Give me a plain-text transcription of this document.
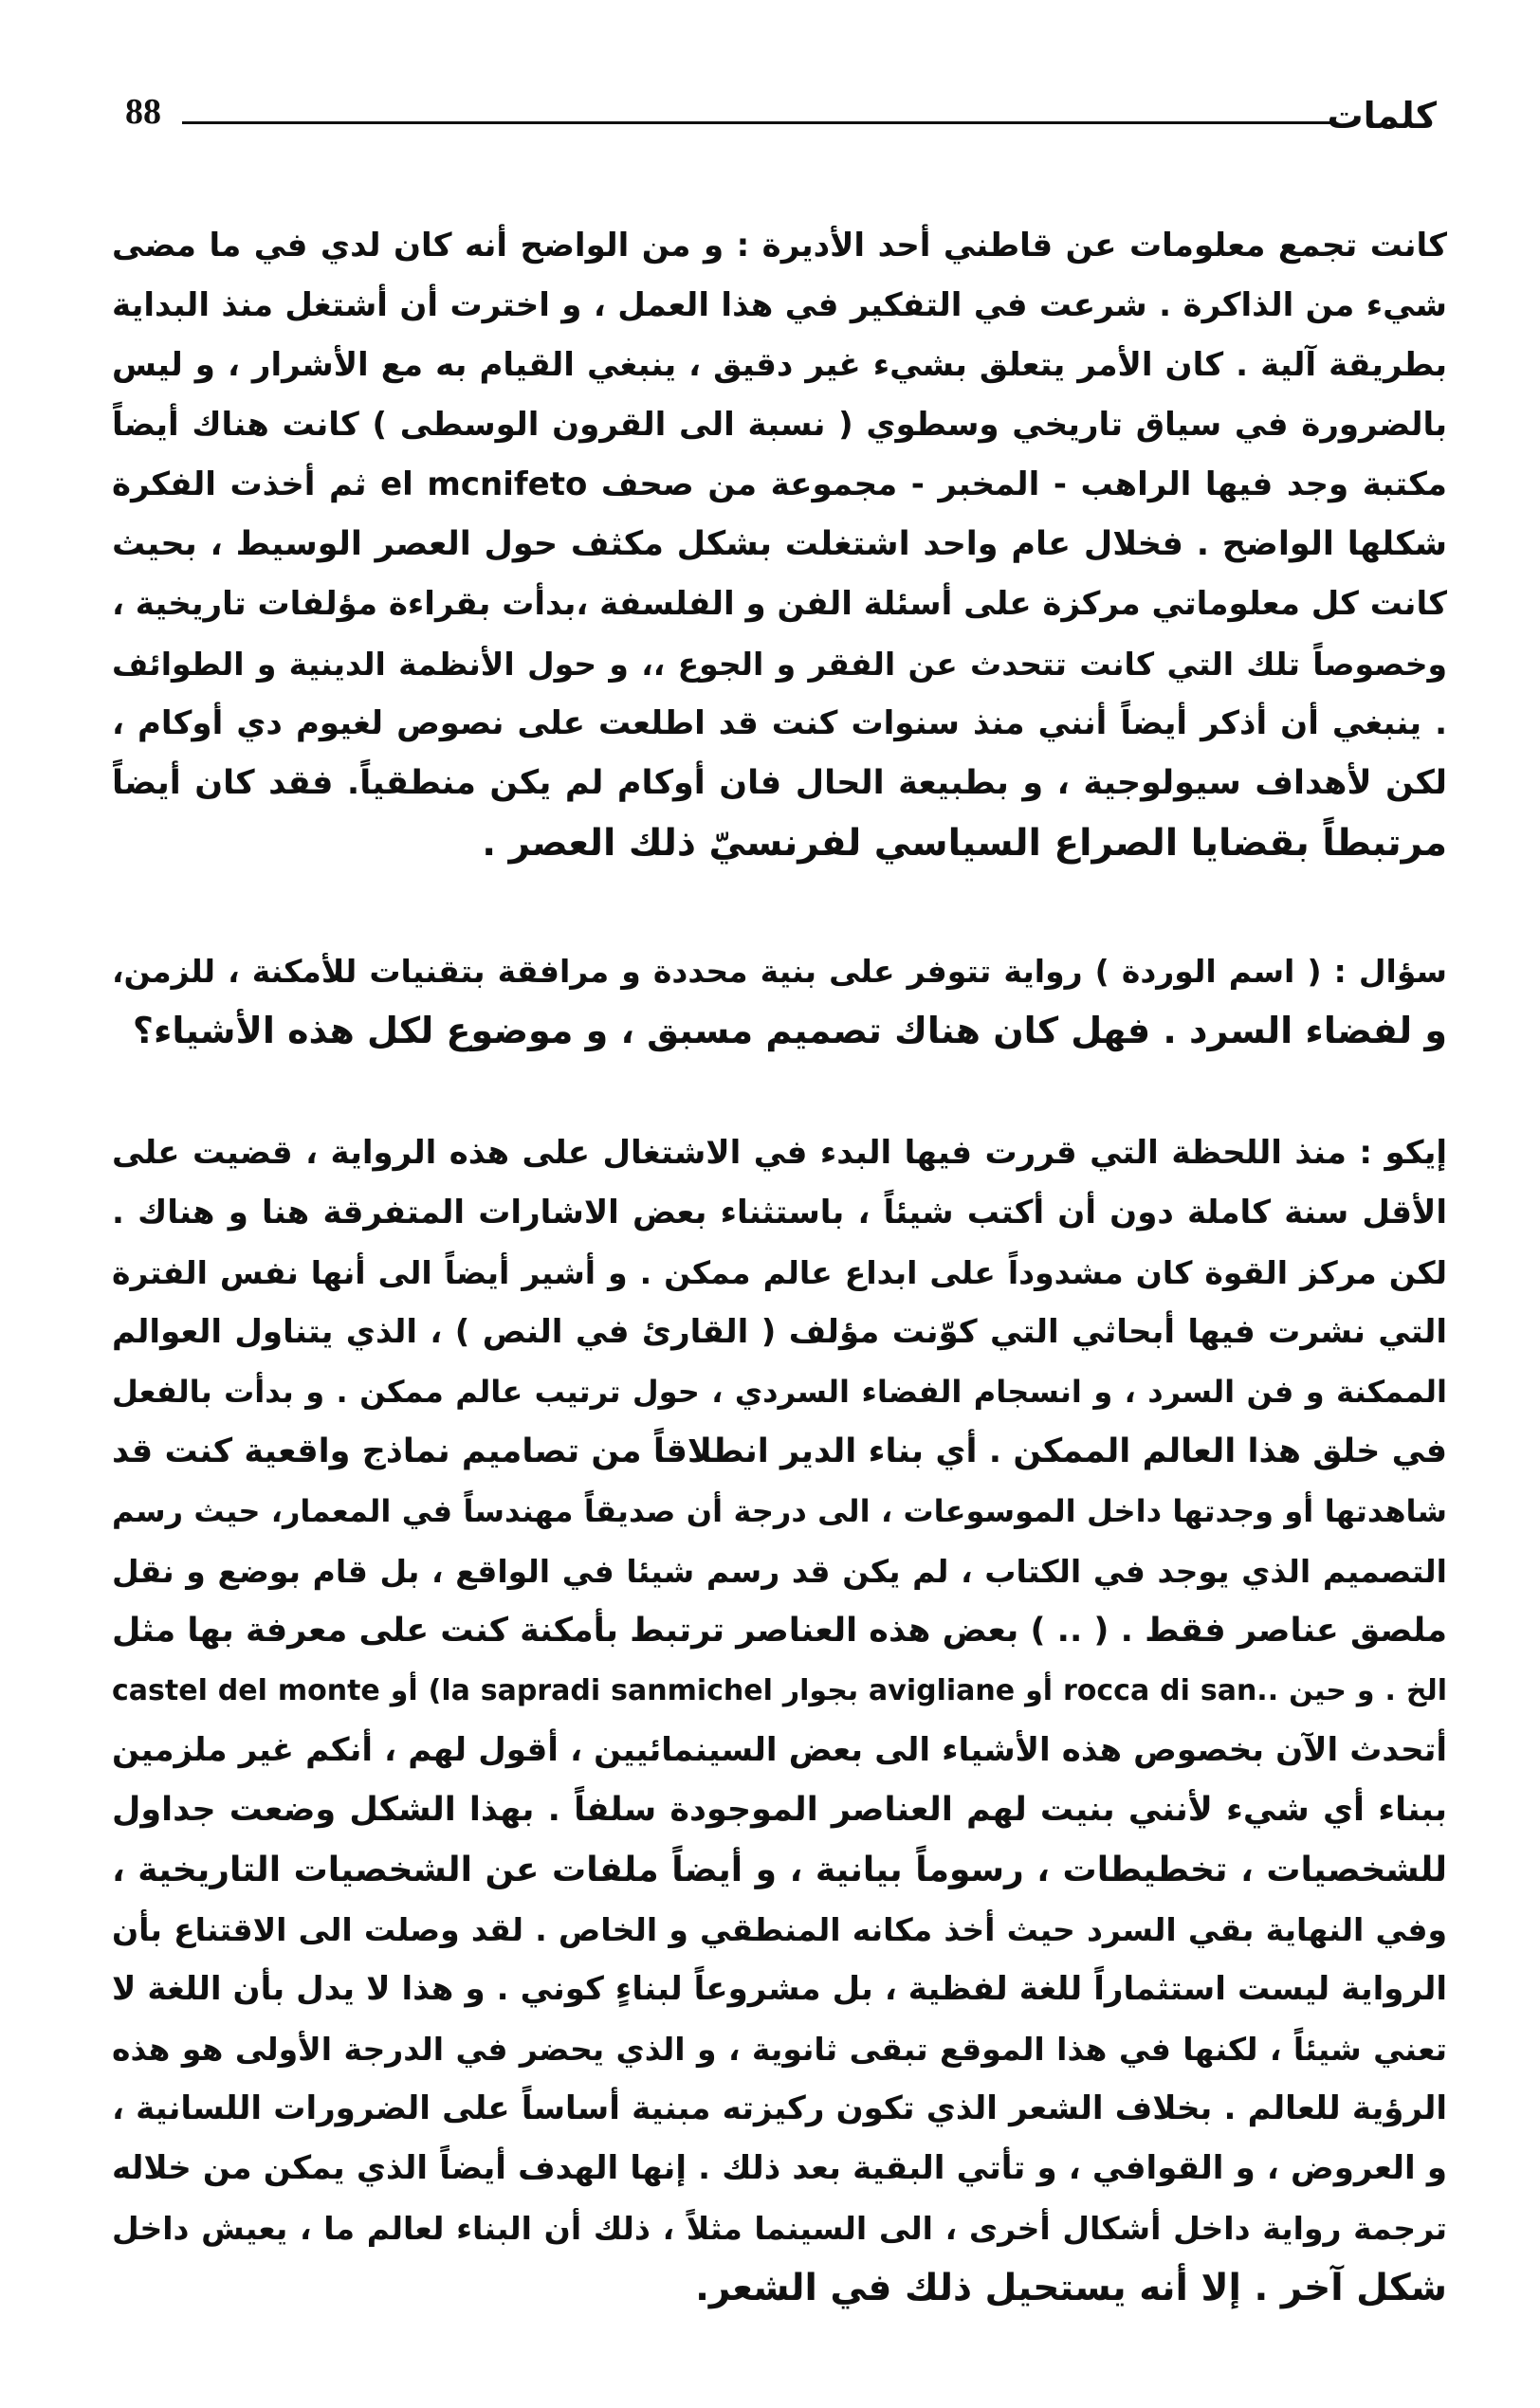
88	كلمات
كانت تجمع معلومات عن قاطني أحد الأديرة : و من الواضح أنه كان لدي في ما مضى
شيء من الذاكرة . شرعت في التفكير في هذا العمل ، و اخترت أن أشتغل منذ البداية
بطريقة آلية . كان الأمر يتعلق بشيء غير دقيق ، ينبغي القيام به مع الأشرار ، و ليس
بالضرورة في سياق تاريخي وسطوي ( نسبة الى القرون الوسطى ) كانت هناك أيضاً
مكتبة وجد فيها الراهب - المخبر - مجموعة من صحف el mcnifeto ثم أخذت الفكرة
شكلها الواضح . فخلال عام واحد اشتغلت بشكل مكثف حول العصر الوسيط ، بحيث
كانت كل معلوماتي مركزة على أسئلة الفن و الفلسفة ،بدأت بقراءة مؤلفات تاريخية ،
وخصوصاً تلك التي كانت تتحدث عن الفقر و الجوع ،، و حول الأنظمة الدينية و الطوائف
. ينبغي أن أذكر أيضاً أنني منذ سنوات كنت قد اطلعت على نصوص لغيوم دي أوكام ،
لكن لأهداف سيولوجية ، و بطبيعة الحال فان أوكام لم يكن منطقياً. فقد كان أيضاً
مرتبطاً بقضايا الصراع السياسي لفرنسيّ ذلك العصر .
سؤال : ( اسم الوردة ) رواية تتوفر على بنية محددة و مرافقة بتقنيات للأمكنة ، للزمن،
و لفضاء السرد . فهل كان هناك تصميم مسبق ، و موضوع لكل هذه الأشياء؟
إيكو : منذ اللحظة التي قررت فيها البدء في الاشتغال على هذه الرواية ، قضيت على
الأقل سنة كاملة دون أن أكتب شيئاً ، باستثناء بعض الاشارات المتفرقة هنا و هناك .
لكن مركز القوة كان مشدوداً على ابداع عالم ممكن . و أشير أيضاً الى أنها نفس الفترة
التي نشرت فيها أبحاثي التي كوّنت مؤلف ( القارئ في النص ) ، الذي يتناول العوالم
الممكنة و فن السرد ، و انسجام الفضاء السردي ، حول ترتيب عالم ممكن . و بدأت بالفعل
في خلق هذا العالم الممكن . أي بناء الدير انطلاقاً من تصاميم نماذج واقعية كنت قد
شاهدتها أو وجدتها داخل الموسوعات ، الى درجة أن صديقاً مهندساً في المعمار، حيث رسم
التصميم الذي يوجد في الكتاب ، لم يكن قد رسم شيئا في الواقع ، بل قام بوضع و نقل
ملصق عناصر فقط . ( .. ) بعض هذه العناصر ترتبط بأمكنة كنت على معرفة بها مثل
castel del monte أو (la sapradi sanmichel بجوار avigliane أو rocca di san.. الخ . و حين
أتحدث الآن بخصوص هذه الأشياء الى بعض السينمائيين ، أقول لهم ، أنكم غير ملزمين
ببناء أي شيء لأنني بنيت لهم العناصر الموجودة سلفاً . بهذا الشكل وضعت جداول
للشخصيات ، تخطيطات ، رسوماً بيانية ، و أيضاً ملفات عن الشخصيات التاريخية ،
وفي النهاية بقي السرد حيث أخذ مكانه المنطقي و الخاص . لقد وصلت الى الاقتناع بأن
الرواية ليست استثماراً للغة لفظية ، بل مشروعاً لبناءٍ كوني . و هذا لا يدل بأن اللغة لا
تعني شيئاً ، لكنها في هذا الموقع تبقى ثانوية ، و الذي يحضر في الدرجة الأولى هو هذه
الرؤية للعالم . بخلاف الشعر الذي تكون ركيزته مبنية أساساً على الضرورات اللسانية ،
و العروض ، و القوافي ، و تأتي البقية بعد ذلك . إنها الهدف أيضاً الذي يمكن من خلاله
ترجمة رواية داخل أشكال أخرى ، الى السينما مثلاً ، ذلك أن البناء لعالم ما ، يعيش داخل
شكل آخر . إلا أنه يستحيل ذلك في الشعر.
